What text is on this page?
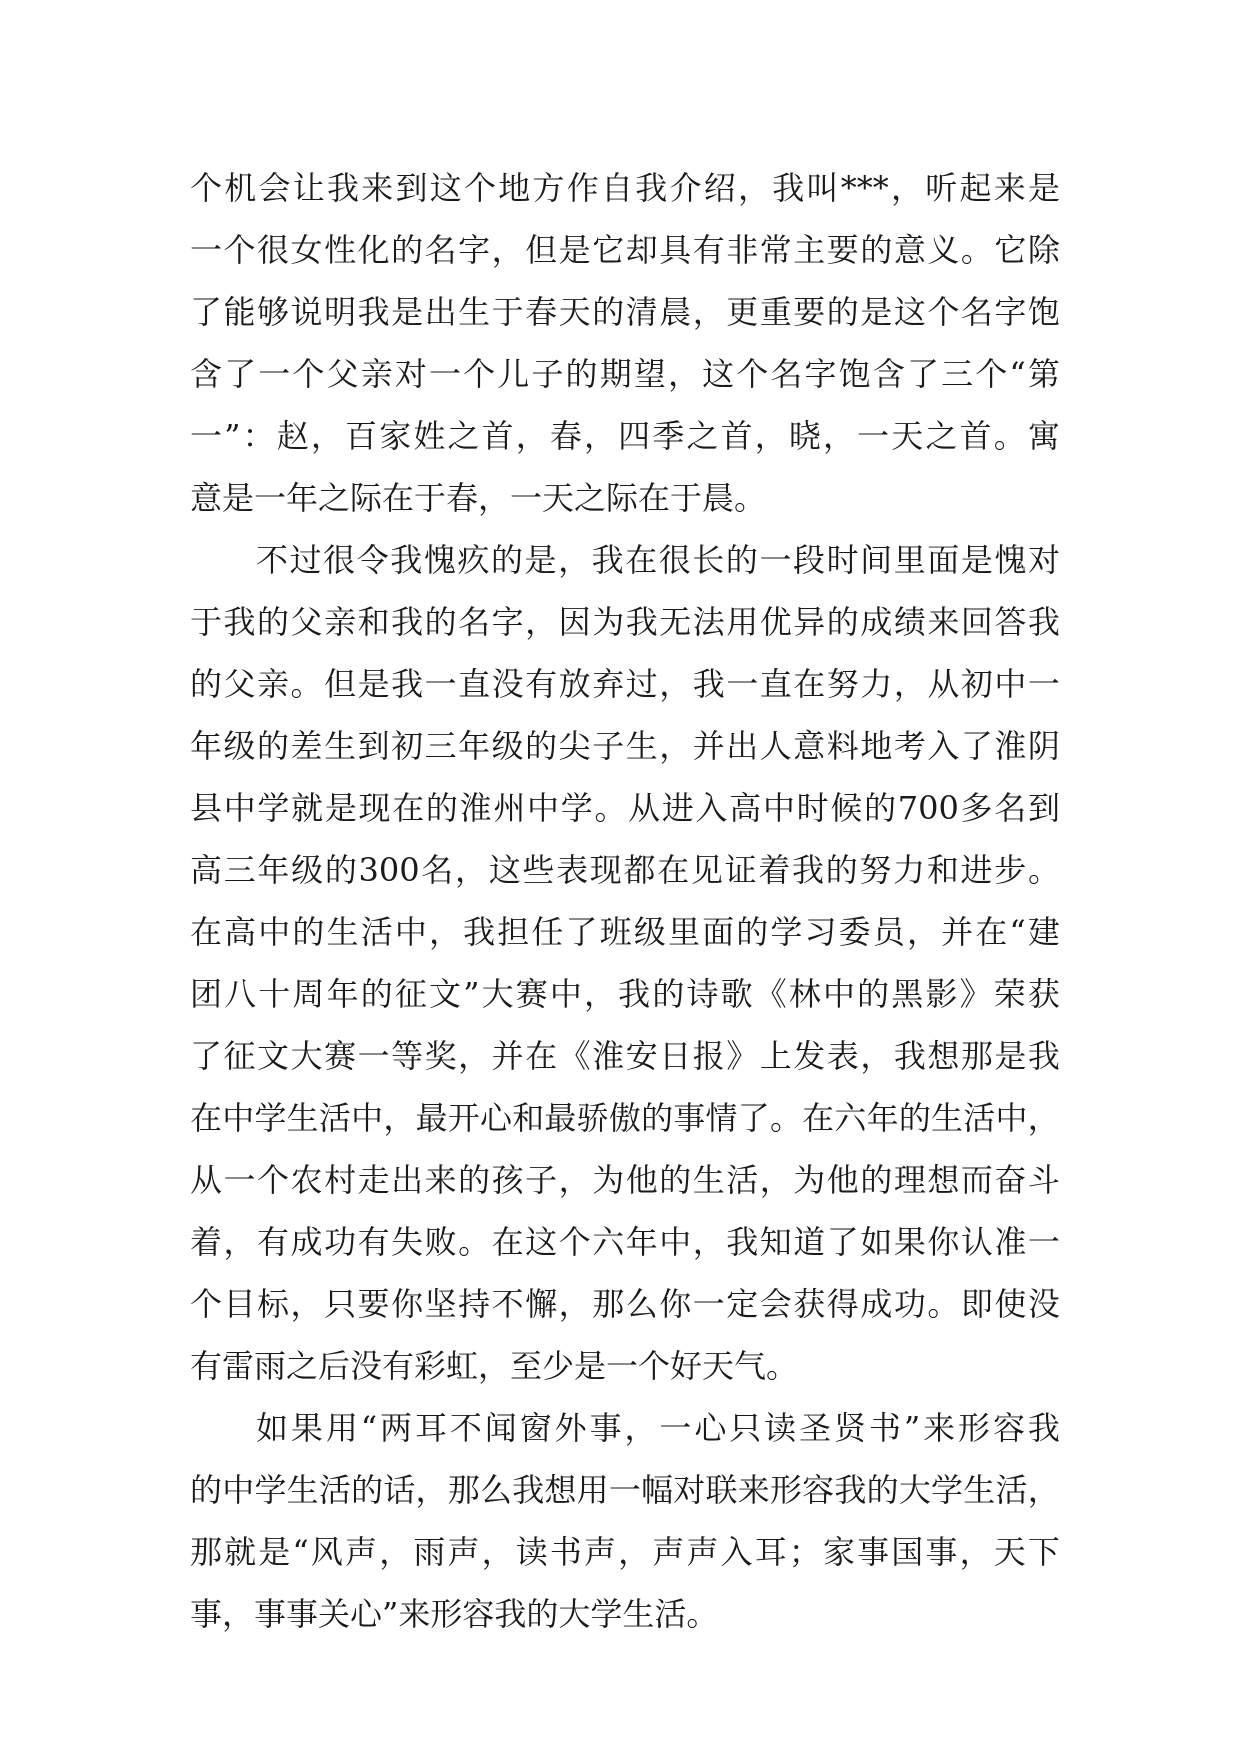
个 机 会 让 我 来 到 这 个 地 方 作 自 我 介 绍 ， 我 叫 *** ， 听 起 来 是
一 个 很 女 性 化 的 名 字 ， 但 是 它 却 具 有 非 常 主 要 的 意 义 。 它 除
了 能 够 说 明 我 是 出 生 于 春 天 的 清 晨 ， 更 重 要 的 是 这 个 名 字 饱
含 了 一 个 父 亲 对 一 个 儿 子 的 期 望 ， 这 个 名 字 饱 含 了 三 个 “ 第
一 ” ： 赵 ， 百 家 姓 之 首 ， 春 ， 四 季 之 首 ， 晓 ， 一 天 之 首 。 寓
意是一年之际在于春，一天之际在于晨。
不 过 很 令 我 愧 疚 的 是 ， 我 在 很 长 的 一 段 时 间 里 面 是 愧 对
于 我 的 父 亲 和 我 的 名 字 ， 因 为 我 无 法 用 优 异 的 成 绩 来 回 答 我
的 父 亲 。 但 是 我 一 直 没 有 放 弃 过 ， 我 一 直 在 努 力 ， 从 初 中 一
年 级 的 差 生 到 初 三 年 级 的 尖 子 生 ， 并 出 人 意 料 地 考 入 了 淮 阴
县 中 学 就 是 现 在 的 淮 州 中 学 。 从 进 入 高 中 时 候 的 700 多 名 到
高 三 年 级 的 300 名 ， 这 些 表 现 都 在 见 证 着 我 的 努 力 和 进 步 。
在 高 中 的 生 活 中 ， 我 担 任 了 班 级 里 面 的 学 习 委 员 ， 并 在 “ 建
团 八 十 周 年 的 征 文 ” 大 赛 中 ， 我 的 诗 歌 《 林 中 的 黑 影 》 荣 获
了 征 文 大 赛 一 等 奖 ， 并 在 《 淮 安 日 报 》 上 发 表 ， 我 想 那 是 我
在 中 学 生 活 中 ， 最 开 心 和 最 骄 傲 的 事 情 了 。 在 六 年 的 生 活 中 ，
从 一 个 农 村 走 出 来 的 孩 子 ， 为 他 的 生 活 ， 为 他 的 理 想 而 奋 斗
着 ， 有 成 功 有 失 败 。 在 这 个 六 年 中 ， 我 知 道 了 如 果 你 认 准 一
个 目 标 ， 只 要 你 坚 持 不 懈 ， 那 么 你 一 定 会 获 得 成 功 。 即 使 没
有雷雨之后没有彩虹，至少是一个好天气。
如 果 用 “ 两 耳 不 闻 窗 外 事 ， 一 心 只 读 圣 贤 书 ” 来 形 容 我
的 中 学 生 活 的 话 ， 那 么 我 想 用 一 幅 对 联 来 形 容 我 的 大 学 生 活 ，
那 就 是 “ 风 声 ， 雨 声 ， 读 书 声 ， 声 声 入 耳 ； 家 事 国 事 ， 天 下
事，事事关心”来形容我的大学生活。
